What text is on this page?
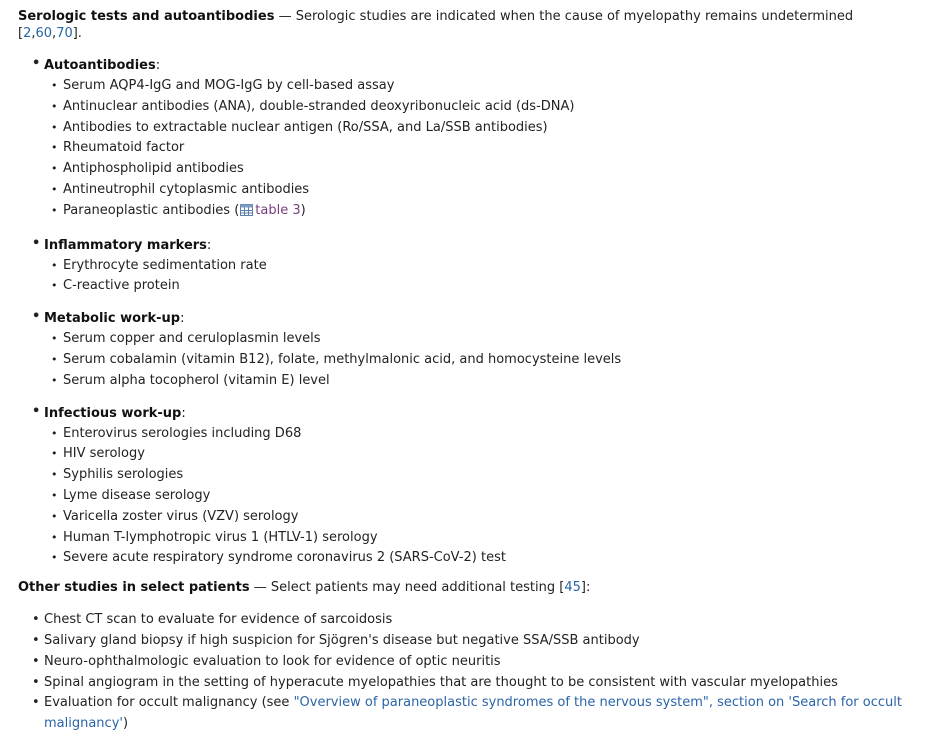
Serologic tests and autoantibodies — Serologic studies are indicated when the cause of myelopathy remains undetermined [2,60,70].

• Autoantibodies:
• Serum AQP4-IgG and MOG-IgG by cell-based assay
• Antinuclear antibodies (ANA), double-stranded deoxyribonucleic acid (ds-DNA)
• Antibodies to extractable nuclear antigen (Ro/SSA, and La/SSB antibodies)
• Rheumatoid factor
• Antiphospholipid antibodies
• Antineutrophil cytoplasmic antibodies
• Paraneoplastic antibodies ( table 3)
• Inflammatory markers:
• Erythrocyte sedimentation rate
• C-reactive protein
• Metabolic work-up:
• Serum copper and ceruloplasmin levels
• Serum cobalamin (vitamin B12), folate, methylmalonic acid, and homocysteine levels
• Serum alpha tocopherol (vitamin E) level
• Infectious work-up:
• Enterovirus serologies including D68
• HIV serology
• Syphilis serologies
• Lyme disease serology
• Varicella zoster virus (VZV) serology
• Human T-lymphotropic virus 1 (HTLV-1) serology
• Severe acute respiratory syndrome coronavirus 2 (SARS-CoV-2) test

Other studies in select patients — Select patients may need additional testing [45]:

• Chest CT scan to evaluate for evidence of sarcoidosis
• Salivary gland biopsy if high suspicion for Sjögren's disease but negative SSA/SSB antibody
• Neuro-ophthalmologic evaluation to look for evidence of optic neuritis
• Spinal angiogram in the setting of hyperacute myelopathies that are thought to be consistent with vascular myelopathies
• Evaluation for occult malignancy (see "Overview of paraneoplastic syndromes of the nervous system", section on 'Search for occult malignancy')
